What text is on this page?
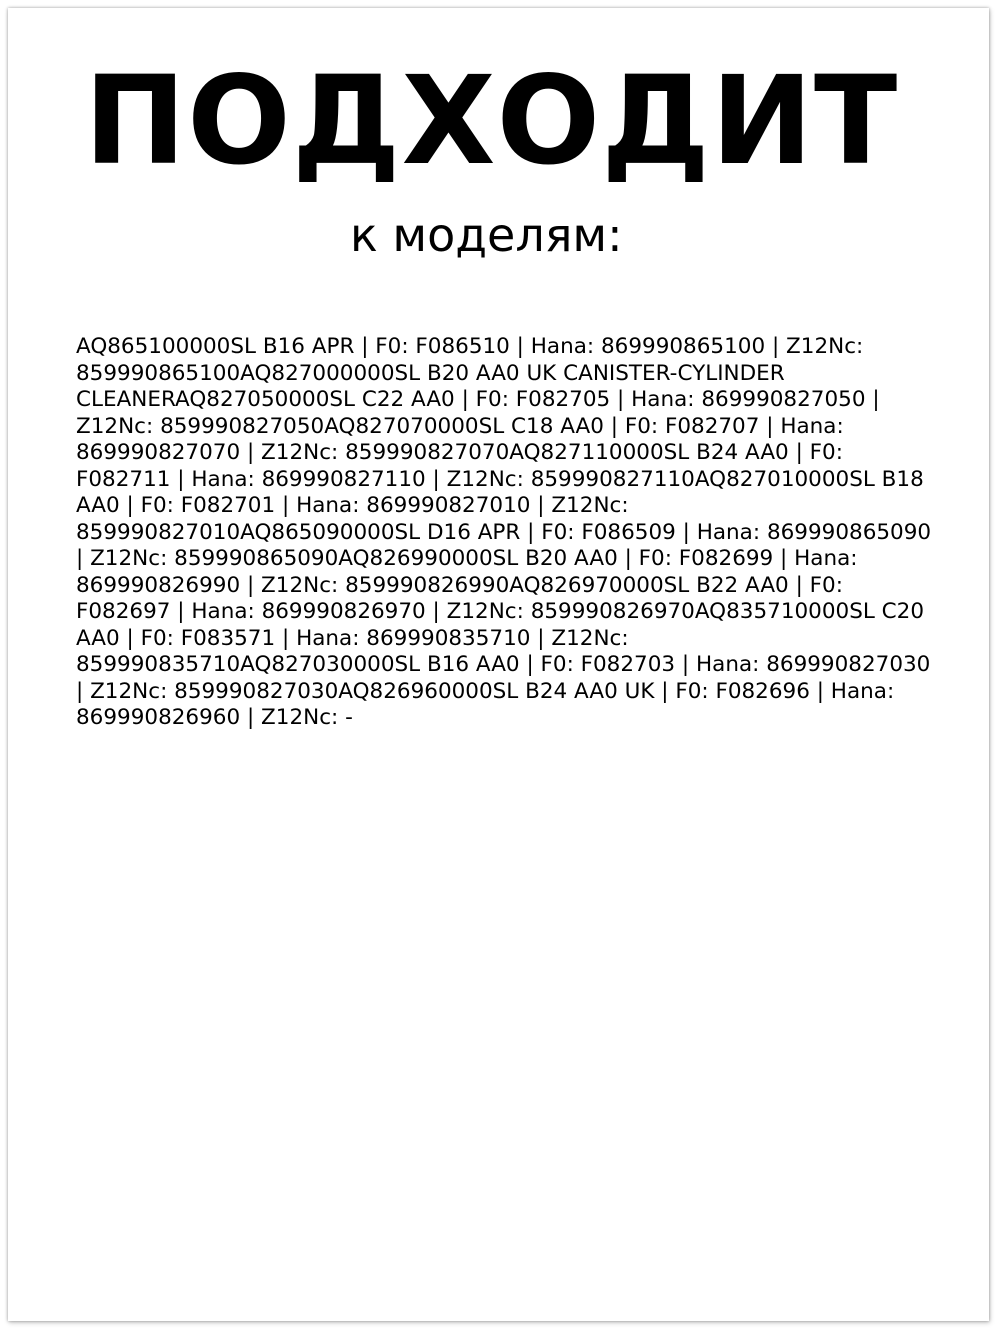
ПОДХОДИТ
к моделям:
AQ865100000SL B16 APR | F0: F086510 | Hana: 869990865100 | Z12Nc: 859990865100AQ827000000SL B20 AA0 UK CANISTER-CYLINDER CLEANERAQ827050000SL C22 AA0 | F0: F082705 | Hana: 869990827050 | Z12Nc: 859990827050AQ827070000SL C18 AA0 | F0: F082707 | Hana: 869990827070 | Z12Nc: 859990827070AQ827110000SL B24 AA0 | F0: F082711 | Hana: 869990827110 | Z12Nc: 859990827110AQ827010000SL B18 AA0 | F0: F082701 | Hana: 869990827010 | Z12Nc: 859990827010AQ865090000SL D16 APR | F0: F086509 | Hana: 869990865090 | Z12Nc: 859990865090AQ826990000SL B20 AA0 | F0: F082699 | Hana: 869990826990 | Z12Nc: 859990826990AQ826970000SL B22 AA0 | F0: F082697 | Hana: 869990826970 | Z12Nc: 859990826970AQ835710000SL C20 AA0 | F0: F083571 | Hana: 869990835710 | Z12Nc: 859990835710AQ827030000SL B16 AA0 | F0: F082703 | Hana: 869990827030 | Z12Nc: 859990827030AQ826960000SL B24 AA0 UK | F0: F082696 | Hana: 869990826960 | Z12Nc: -
